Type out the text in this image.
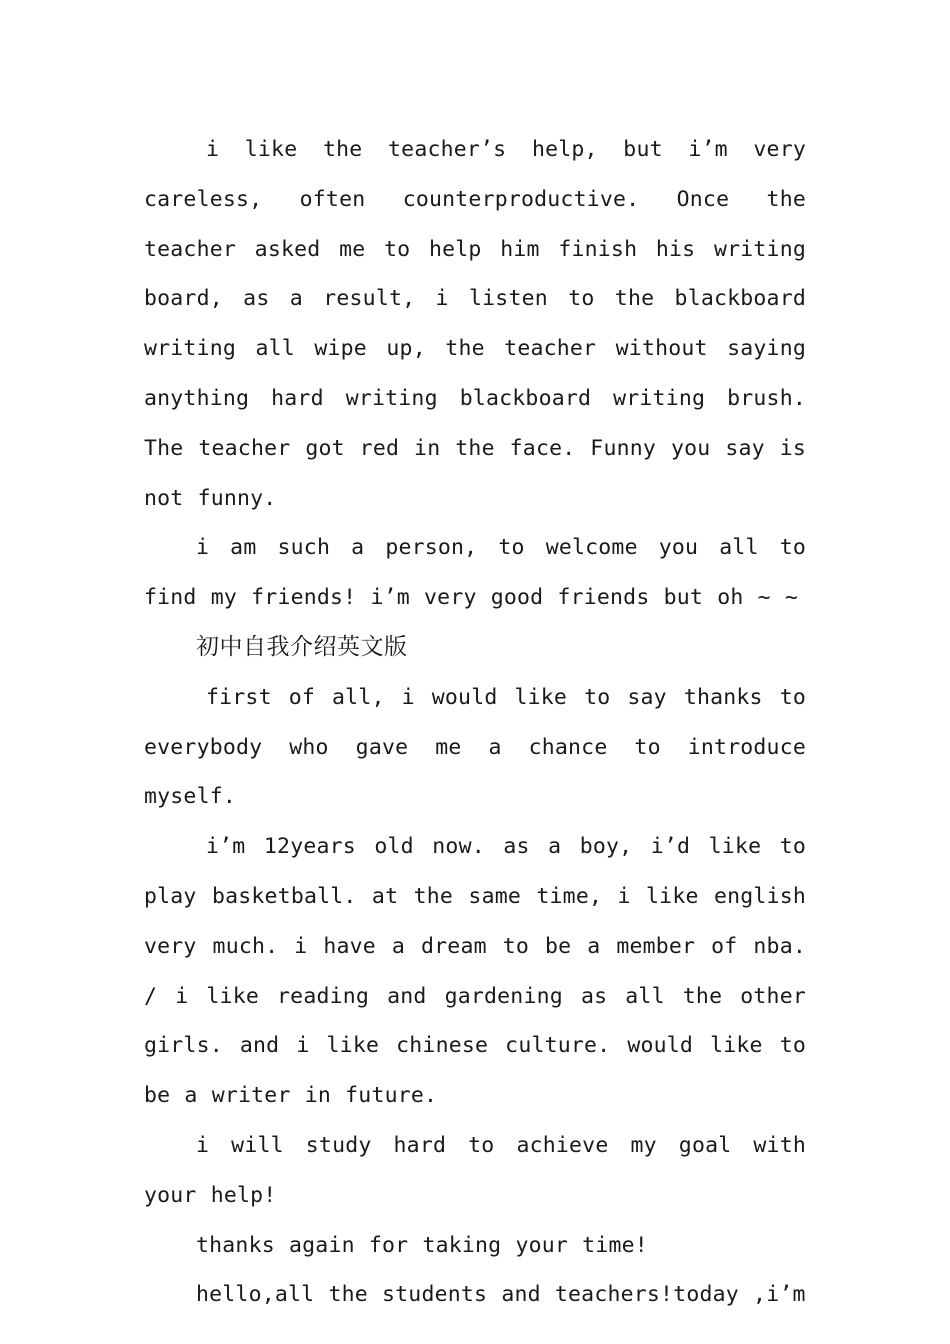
i like the teacher’s help, but i’m very careless, often counterproductive. Once the teacher asked me to help him finish his writing board, as a result, i listen to the blackboard writing all wipe up, the teacher without saying anything hard writing blackboard writing brush. The teacher got red in the face. Funny you say is not funny.

i am such a person, to welcome you all to find my friends! i’m very good friends but oh ~ ~

初中自我介绍英文版

first of all, i would like to say thanks to everybody who gave me a chance to introduce myself.

i’m 12years old now. as a boy, i’d like to play basketball. at the same time, i like english very much. i have a dream to be a member of nba. / i like reading and gardening as all the other girls. and i like chinese culture. would like to be a writer in future.

i will study hard to achieve my goal with your help!

thanks again for taking your time!

hello,all the students and teachers!today ,i’m
